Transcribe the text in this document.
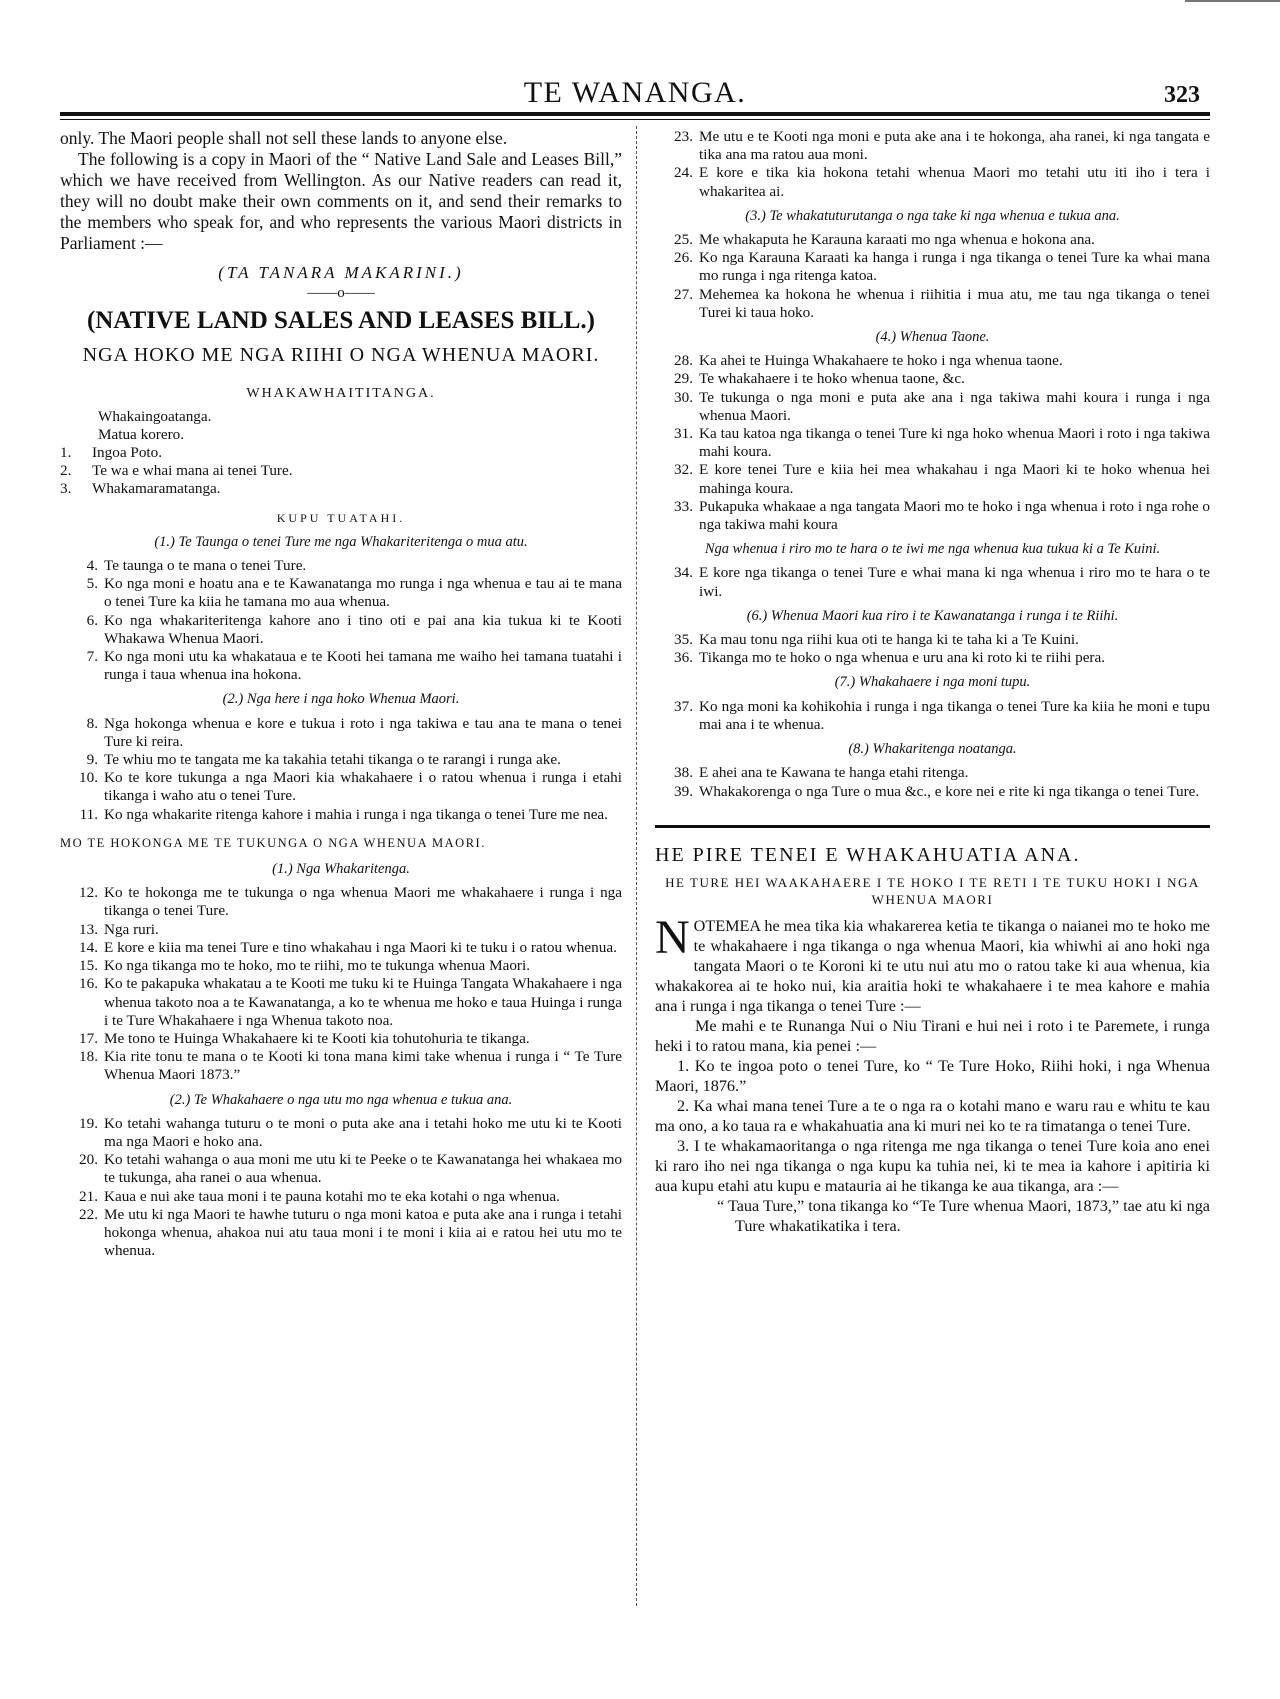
TE WANANGA.	323

only. The Maori people shall not sell these lands to anyone else.

The following is a copy in Maori of the “ Native Land Sale and Leases Bill,” which we have received from Wellington. As our Native readers can read it, they will no doubt make their own comments on it, and send their remarks to the members who speak for, and who represents the various Maori districts in Parliament :—

(TA TANARA MAKARINI.)

——o——

(NATIVE LAND SALES AND LEASES BILL.)
NGA HOKO ME NGA RIIHI O NGA WHENUA MAORI.
WHAKAWHAITITANGA.

Whakaingoatanga.

Matua korero.

1.	Ingoa Poto.
2.	Te wa e whai mana ai tenei Ture.
3.	Whakamaramatanga.
KUPU TUATAHI.

(1.) Te Taunga o tenei Ture me nga Whakariteritenga o mua atu.

4. Te taunga o te mana o tenei Ture.
5. Ko nga moni e hoatu ana e te Kawanatanga mo runga i nga whenua e tau ai te mana o tenei Ture ka kiia he tamana mo aua whenua.
6. Ko nga whakariteritenga kahore ano i tino oti e pai ana kia tukua ki te Kooti Whakawa Whenua Maori.
7. Ko nga moni utu ka whakatauа e te Kooti hei tamana me waiho hei tamana tuatahi i runga i taua whenua ina hokona.

(2.) Nga here i nga hoko Whenua Maori.

8. Nga hokonga whenua e kore e tukua i roto i nga takiwa e tau ana te mana o tenei Ture ki reira.
9. Te whiu mo te tangata me ka takahia tetahi tikanga o te rarangi i runga ake.
10. Ko te kore tukunga a nga Maori kia whakahaere i o ratou whenua i runga i etahi tikanga i waho atu o tenei Ture.
11. Ko nga whakarite ritenga kahore i mahia i runga i nga tikanga o tenei Ture me nea.
MO TE HOKONGA ME TE TUKUNGA O NGA WHENUA MAORI.

(1.) Nga Whakaritenga.

12. Ko te hokonga me te tukunga o nga whenua Maori me whakahaere i runga i nga tikanga o tenei Ture.
13. Nga ruri.
14. E kore e kiia ma tenei Ture e tino whakahau i nga Maori ki te tuku i o ratou whenua.
15. Ko nga tikanga mo te hoko, mo te riihi, mo te tukunga whenua Maori.
16. Ko te pakapuka whakatau a te Kooti me tuku ki te Huinga Tangata Whakahaere i nga whenua takoto noa a te Kawanatanga, a ko te whenua me hoko e taua Huinga i runga i te Ture Whakahaere i nga Whenua takoto noa.
17. Me tono te Huinga Whakahaere ki te Kooti kia tohutohuria te tikanga.
18. Kia rite tonu te mana o te Kooti ki tona mana kimi take whenua i runga i “ Te Ture Whenua Maori 1873.”

(2.) Te Whakahaere o nga utu mo nga whenua e tukua ana.

19. Ko tetahi wahanga tuturu o te moni o puta ake ana i tetahi hoko me utu ki te Kooti ma nga Maori e hoko ana.
20. Ko tetahi wahanga o aua moni me utu ki te Peeke o te Kawanatanga hei whakaea mo te tukunga, aha ranei o aua whenua.
21. Kaua e nui ake taua moni i te pauna kotahi mo te eka kotahi o nga whenua.
22. Me utu ki nga Maori te hawhe tuturu o nga moni katoa e puta ake ana i runga i tetahi hokonga whenua, ahakoa nui atu taua moni i te moni i kiia ai e ratou hei utu mo te whenua.
23. Me utu e te Kooti nga moni e puta ake ana i te hokonga, aha ranei, ki nga tangata e tika ana ma ratou aua moni.
24. E kore e tika kia hokona tetahi whenua Maori mo tetahi utu iti iho i tera i whakaritea ai.

(3.) Te whakatuturutanga o nga take ki nga whenua e tukua ana.

25. Me whakaputa he Karauna karaati mo nga whenua e hokona ana.
26. Ko nga Karauna Karaati ka hanga i runga i nga tikanga o tenei Ture ka whai mana mo runga i nga ritenga katoa.
27. Mehemea ka hokona he whenua i riihitia i mua atu, me tau nga tikanga o tenei Turei ki taua hoko.

(4.) Whenua Taone.

28. Ka ahei te Huinga Whakahaere te hoko i nga whenua taone.
29. Te whakahaere i te hoko whenua taone, &c.
30. Te tukunga o nga moni e puta ake ana i nga takiwa mahi koura i runga i nga whenua Maori.
31. Ka tau katoa nga tikanga o tenei Ture ki nga hoko whenua Maori i roto i nga takiwa mahi koura.
32. E kore tenei Ture e kiia hei mea whakahau i nga Maori ki te hoko whenua hei mahinga koura.
33. Pukapuka whakaae a nga tangata Maori mo te hoko i nga whenua i roto i nga rohe o nga takiwa mahi koura

Nga whenua i riro mo te hara o te iwi me nga whenua kua tukua ki a Te Kuini.

34. E kore nga tikanga o tenei Ture e whai mana ki nga whenua i riro mo te hara o te iwi.

(6.) Whenua Maori kua riro i te Kawanatanga i runga i te Riihi.

35. Ka mau tonu nga riihi kua oti te hanga ki te taha ki a Te Kuini.
36. Tikanga mo te hoko o nga whenua e uru ana ki roto ki te riihi pera.

(7.) Whakahaere i nga moni tupu.

37. Ko nga moni ka kohikohia i runga i nga tikanga o tenei Ture ka kiia he moni e tupu mai ana i te whenua.

(8.) Whakaritenga noatanga.

38. E ahei ana te Kawana te hanga etahi ritenga.
39. Whakakorenga o nga Ture o mua &c., e kore nei e rite ki nga tikanga o tenei Ture.
HE PIRE TENEI E WHAKAHUATIA ANA.
HE TURE HEI WAAKAHAERE I TE HOKO I TE RETI I TE TUKU HOKI I NGA WHENUA MAORI

NOTEMEA he mea tika kia whakarerea ketia te tikanga o naianei mo te hoko me te whakahaere i nga tikanga o nga whenua Maori, kia whiwhi ai ano hoki nga tangata Maori o te Koroni ki te utu nui atu mo o ratou take ki aua whenua, kia whakakorea ai te hoko nui, kia araitia hoki te whakahaere i te mea kahore e mahia ana i runga i nga tikanga o tenei Ture :—

Me mahi e te Runanga Nui o Niu Tirani e hui nei i roto i te Paremete, i runga heki i to ratou mana, kia penei :—

1. Ko te ingoa poto o tenei Ture, ko “ Te Ture Hoko, Riihi hoki, i nga Whenua Maori, 1876.”

2. Ka whai mana tenei Ture a te o nga ra o kotahi mano e waru rau e whitu te kau ma ono, a ko taua ra e whakahuatia ana ki muri nei ko te ra timatanga o tenei Ture.

3. I te whakamaoritanga o nga ritenga me nga tikanga o tenei Ture koia ano enei ki raro iho nei nga tikanga o nga kupu ka tuhia nei, ki te mea ia kahore i apitiria ki aua kupu etahi atu kupu e matauria ai he tikanga ke aua tikanga, ara :—

“ Taua Ture,” tona tikanga ko “Te Ture whenua Maori, 1873,” tae atu ki nga Ture whakatikatika i tera.
